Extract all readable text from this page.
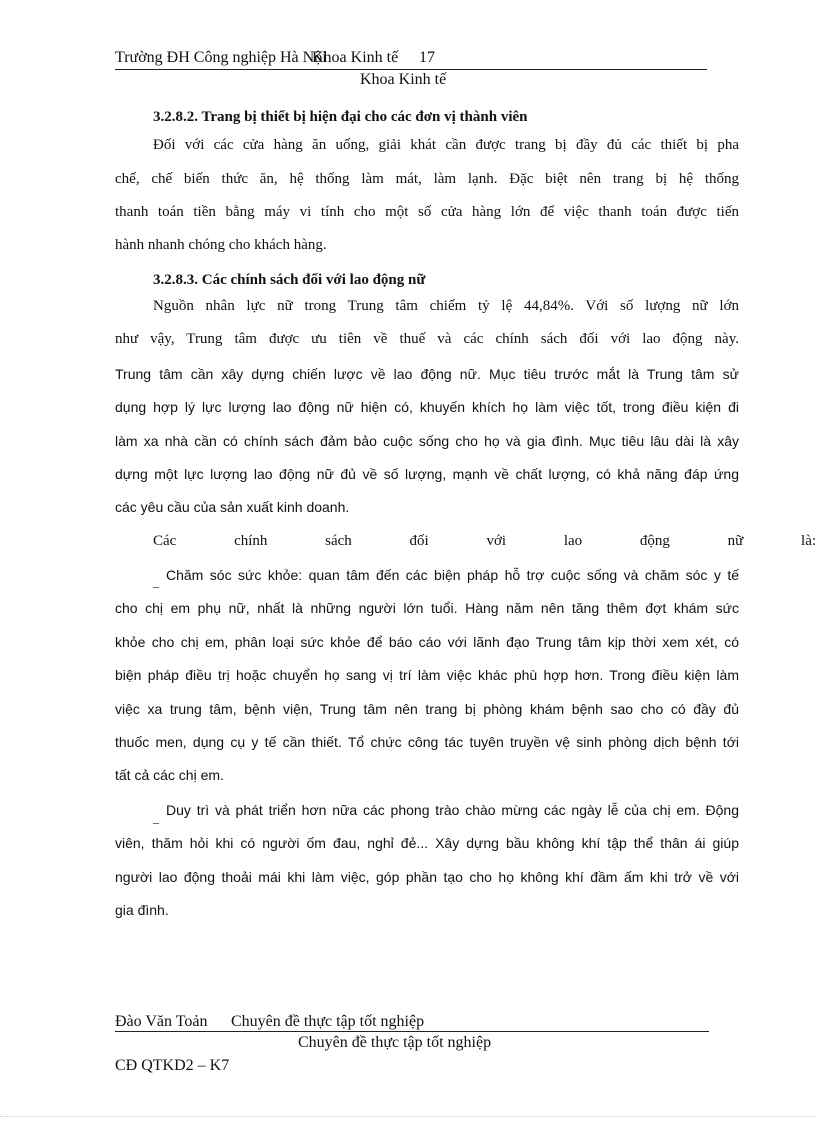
Trường ĐH Công nghiệp Hà Nội
Khoa Kinh tế 17
Khoa Kinh tế
3.2.8.2. Trang bị thiết bị hiện đại cho các đơn vị thành viên
Đối với các cửa hàng ăn uống, giải khát cần được trang bị đầy đủ các thiết bị pha
chế, chế biến thức ăn, hệ thống làm mát, làm lạnh. Đặc biệt nên trang bị hệ thống
thanh toán tiền bằng máy vi tính cho một số cửa hàng lớn để việc thanh toán được tiến
hành nhanh chóng cho khách hàng.
3.2.8.3. Các chính sách đối với lao động nữ
Nguồn nhân lực nữ trong Trung tâm chiếm tỷ lệ 44,84%. Với số lượng nữ lớn
như vậy, Trung tâm được ưu tiên về thuế và các chính sách đối với lao động này.
Trung tâm cần xây dựng chiến lược về lao động nữ. Mục tiêu trước mắt là Trung tâm sử
dụng hợp lý lực lượng lao động nữ hiện có, khuyến khích họ làm việc tốt, trong điều kiện đi
làm xa nhà cần có chính sách đảm bảo cuộc sống cho họ và gia đình. Mục tiêu lâu dài là xây
dựng một lực lượng lao động nữ đủ về số lượng, mạnh về chất lượng, có khả năng đáp ứng
các yêu cầu của sản xuất kinh doanh.
Các chính sách đối với lao động nữ là:
_ Chăm sóc sức khỏe: quan tâm đến các biện pháp hỗ trợ cuộc sống và chăm sóc y tế
cho chị em phụ nữ, nhất là những người lớn tuổi. Hàng năm nên tăng thêm đợt khám sức
khỏe cho chị em, phân loại sức khỏe để báo cáo với lãnh đạo Trung tâm kịp thời xem xét, có
biện pháp điều trị hoặc chuyển họ sang vị trí làm việc khác phù hợp hơn. Trong điều kiện làm
việc xa trung tâm, bệnh viện, Trung tâm nên trang bị phòng khám bệnh sao cho có đầy đủ
thuốc men, dụng cụ y tế cần thiết. Tổ chức công tác tuyên truyền vệ sinh phòng dịch bệnh tới
tất cả các chị em.
_ Duy trì và phát triển hơn nữa các phong trào chào mừng các ngày lễ của chị em. Động
viên, thăm hỏi khi có người ốm đau, nghỉ đẻ... Xây dựng bầu không khí tập thể thân ái giúp
người lao động thoải mái khi làm việc, góp phần tạo cho họ không khí đầm ấm khi trở về với
gia đình.
Đào Văn Toản Chuyên đề thực tập tốt nghiệp
Chuyên đề thực tập tốt nghiệp
CĐ QTKD2 – K7
